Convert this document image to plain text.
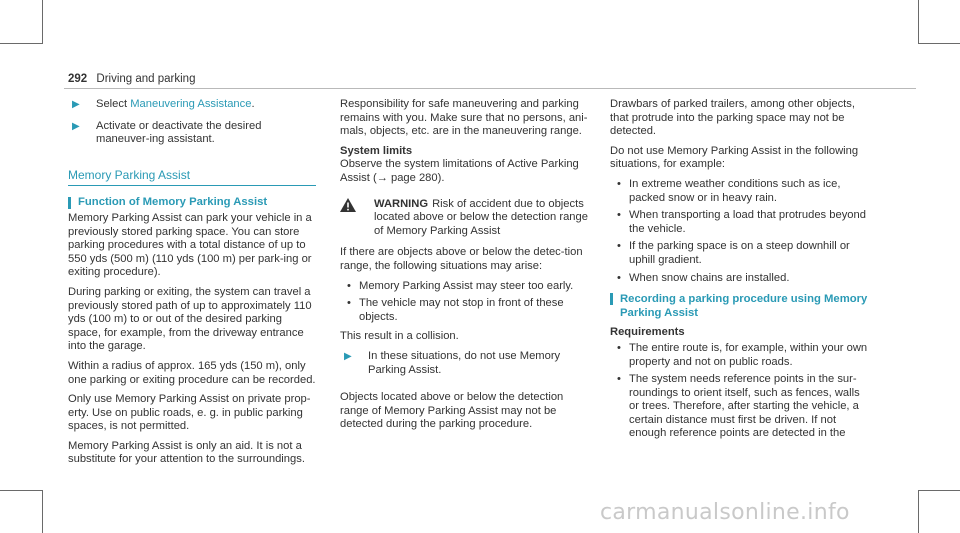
292 Driving and parking
▶	Select Maneuvering Assistance.
▶	Activate or deactivate the desired maneuver-ing assistant.
Memory Parking Assist
Function of Memory Parking Assist

Memory Parking Assist can park your vehicle in a previously stored parking space. You can store parking procedures with a total distance of up to 550 yds (500 m) (110 yds (100 m) per park-ing or exiting procedure).

During parking or exiting, the system can travel a previously stored path of up to approximately 110 yds (100 m) to or out of the desired parking space, for example, from the driveway entrance into the garage.

Within a radius of approx. 165 yds (150 m), only one parking or exiting procedure can be recorded.

Only use Memory Parking Assist on private prop-erty. Use on public roads, e. g. in public parking spaces, is not permitted.

Memory Parking Assist is only an aid. It is not a substitute for your attention to the surroundings.

Responsibility for safe maneuvering and parking remains with you. Make sure that no persons, ani-mals, objects, etc. are in the maneuvering range.

System limits

Observe the system limitations of Active Parking Assist (→ page 280).

WARNING Risk of accident due to objects located above or below the detection range of Memory Parking Assist

If there are objects above or below the detec-tion range, the following situations may arise:

• Memory Parking Assist may steer too early.
• The vehicle may not stop in front of these objects.

This result in a collision.

▶	In these situations, do not use Memory Parking Assist.

Objects located above or below the detection range of Memory Parking Assist may not be detected during the parking procedure.

Drawbars of parked trailers, among other objects, that protrude into the parking space may not be detected.

Do not use Memory Parking Assist in the following situations, for example:

• In extreme weather conditions such as ice, packed snow or in heavy rain.
• When transporting a load that protrudes beyond the vehicle.
• If the parking space is on a steep downhill or uphill gradient.
• When snow chains are installed.
Recording a parking procedure using Memory Parking Assist

Requirements

• The entire route is, for example, within your own property and not on public roads.
• The system needs reference points in the sur-roundings to orient itself, such as fences, walls or trees. Therefore, after starting the vehicle, a certain distance must first be driven. If not enough reference points are detected in the
carmanualsonline.info
